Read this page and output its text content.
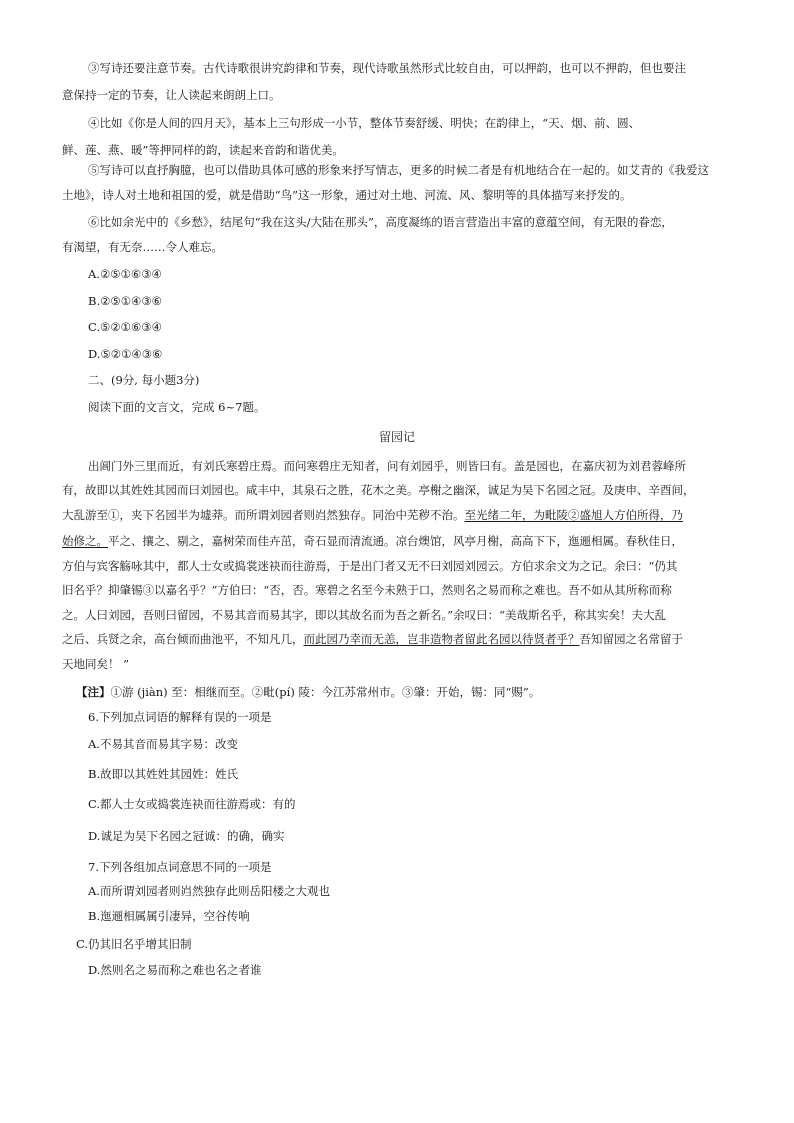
③写诗还要注意节奏。古代诗歌很讲究韵律和节奏，现代诗歌虽然形式比较自由，可以押韵，也可以不押韵，但也要注
意保持一定的节奏，让人读起来朗朗上口。
④比如《你是人间的四月天》，基本上三句形成一小节，整体节奏舒缓、明快；在韵律上，“天、烟、前、圆、
鲜、莲、燕、暖”等押同样的韵，读起来音韵和谐优美。
⑤写诗可以直抒胸臆，也可以借助具体可感的形象来抒写情志，更多的时候二者是有机地结合在一起的。如艾青的《我爱这
土地》，诗人对土地和祖国的爱，就是借助“鸟”这一形象，通过对土地、河流、风、黎明等的具体描写来抒发的。
⑥比如余光中的《乡愁》，结尾句“我在这头/大陆在那头”，高度凝练的语言营造出丰富的意蕴空间，有无限的眷恋，
有渴望，有无奈……令人难忘。
A.②⑤①⑥③④
B.②⑤①④③⑥
C.⑤②①⑥③④
D.⑤②①④③⑥
二、(9分, 每小题3分)
阅读下面的文言文，完成 6~7题。
留园记
出阊门外三里而近，有刘氏寒碧庄焉。而问寒碧庄无知者，问有刘园乎，则皆曰有。盖是园也，在嘉庆初为刘君蓉峰所
有，故即以其姓姓其园而曰刘园也。咸丰中，其泉石之胜，花木之美。亭榭之幽深，诚足为吴下名园之冠。及庚申、辛酉间，
大乱游至①，夹下名园半为墟莽。而所谓刘园者则岿然独存。同治中芜秽不治。至光绪二年，为毗陵②盛旭人方伯所得，乃
始修之。平之、攘之、剔之，嘉树荣而佳卉茁，奇石显而清流通。凉台燠馆，风亭月榭，高高下下，迤逦相属。春秋佳日，
方伯与宾客觞咏其中，都人士女或捣裳迷袂而往游焉，于是出门者又无不曰刘园刘园云。方伯求余文为之记。余曰：“仍其
旧名乎？抑肇锡③以嘉名乎？”方伯曰：“否，否。寒碧之名至今未熟于口，然则名之易而称之难也。吾不如从其所称而称
之。人曰刘园，吾则曰留园，不易其音而易其字，即以其故名而为吾之新名。”余叹曰：“美哉斯名乎，称其实矣！夫大乱
之后、兵贤之余，高台倾而曲池平，不知凡几，而此园乃幸而无恙，岂非造物者留此名园以待贤者乎？吾知留园之名常留于
天地同矣！ ”
【注】①游 (jiàn) 至：相继而至。②毗(pí) 陵：今江苏常州市。③肇：开始，锡：同“赐”。
6.下列加点词语的解释有误的一项是
A.不易其音而易其字易：改变
B.故即以其姓姓其园姓：姓氏
C.都人士女或捣裳连袂而往游焉或：有的
D.诚足为吴下名园之冠诚：的确，确实
7.下列各组加点词意思不同的一项是
A.而所谓刘园者则岿然独存此则岳阳楼之大观也
B.迤逦相属属引凄异，空谷传响
C.仍其旧名乎增其旧制
D.然则名之易而称之难也名之者谁
